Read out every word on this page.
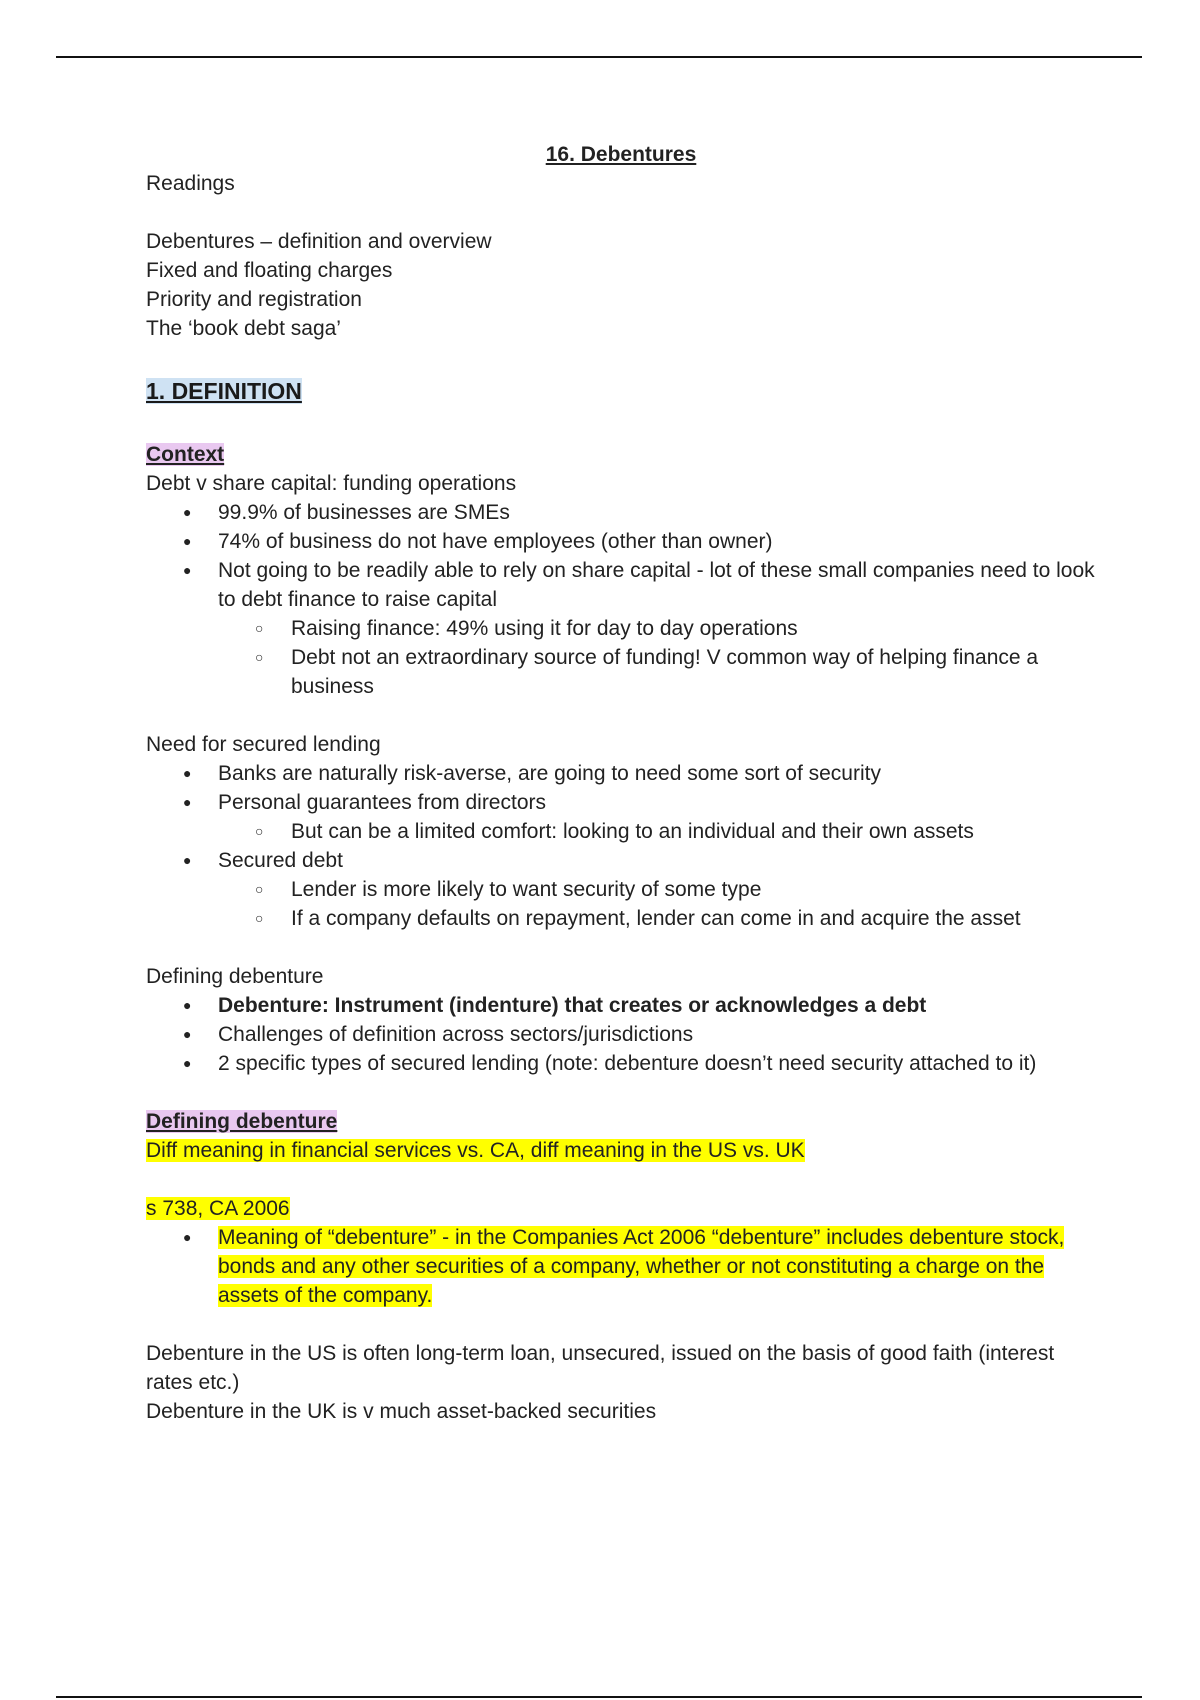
16. Debentures

Readings

Debentures – definition and overview

Fixed and floating charges

Priority and registration

The ‘book debt saga’

1. DEFINITION

Context

Debt v share capital: funding operations

● 99.9% of businesses are SMEs
● 74% of business do not have employees (other than owner)
● Not going to be readily able to rely on share capital - lot of these small companies need to look to debt finance to raise capital
○ Raising finance: 49% using it for day to day operations
○ Debt not an extraordinary source of funding! V common way of helping finance a business

Need for secured lending

● Banks are naturally risk-averse, are going to need some sort of security
● Personal guarantees from directors
○ But can be a limited comfort: looking to an individual and their own assets
● Secured debt
○ Lender is more likely to want security of some type
○ If a company defaults on repayment, lender can come in and acquire the asset

Defining debenture

● Debenture: Instrument (indenture) that creates or acknowledges a debt
● Challenges of definition across sectors/jurisdictions
● 2 specific types of secured lending (note: debenture doesn’t need security attached to it)

Defining debenture

Diff meaning in financial services vs. CA, diff meaning in the US vs. UK

s 738, CA 2006

● Meaning of “debenture” - in the Companies Act 2006 “debenture” includes debenture stock, bonds and any other securities of a company, whether or not constituting a charge on the assets of the company.

Debenture in the US is often long-term loan, unsecured, issued on the basis of good faith (interest rates etc.)

Debenture in the UK is v much asset-backed securities
